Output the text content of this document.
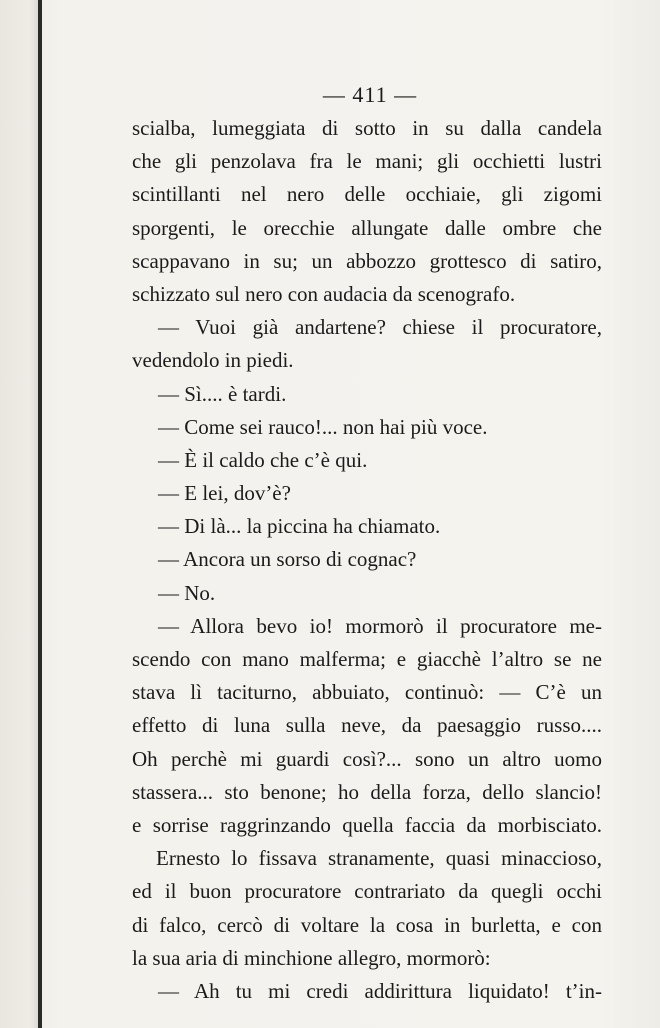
— 411 —
scialba, lumeggiata di sotto in su dalla candela
che gli penzolava fra le mani; gli occhietti lustri
scintillanti nel nero delle occhiaie, gli zigomi
sporgenti, le orecchie allungate dalle ombre che
scappavano in su; un abbozzo grottesco di satiro,
schizzato sul nero con audacia da scenografo.
— Vuoi già andartene? chiese il procuratore,
vedendolo in piedi.
— Sì.... è tardi.
— Come sei rauco!... non hai più voce.
— È il caldo che c’è qui.
— E lei, dov’è?
— Di là... la piccina ha chiamato.
— Ancora un sorso di cognac?
— No.
— Allora bevo io! mormorò il procuratore me-
scendo con mano malferma; e giacchè l’altro se ne
stava lì taciturno, abbuiato, continuò: — C’è un
effetto di luna sulla neve, da paesaggio russo....
Oh perchè mi guardi così?... sono un altro uomo
stassera... sto benone; ho della forza, dello slancio!
e sorrise raggrinzando quella faccia da morbisciato.
Ernesto lo fissava stranamente, quasi minaccioso,
ed il buon procuratore contrariato da quegli occhi
di falco, cercò di voltare la cosa in burletta, e con
la sua aria di minchione allegro, mormorò:
— Ah tu mi credi addirittura liquidato! t’in-
